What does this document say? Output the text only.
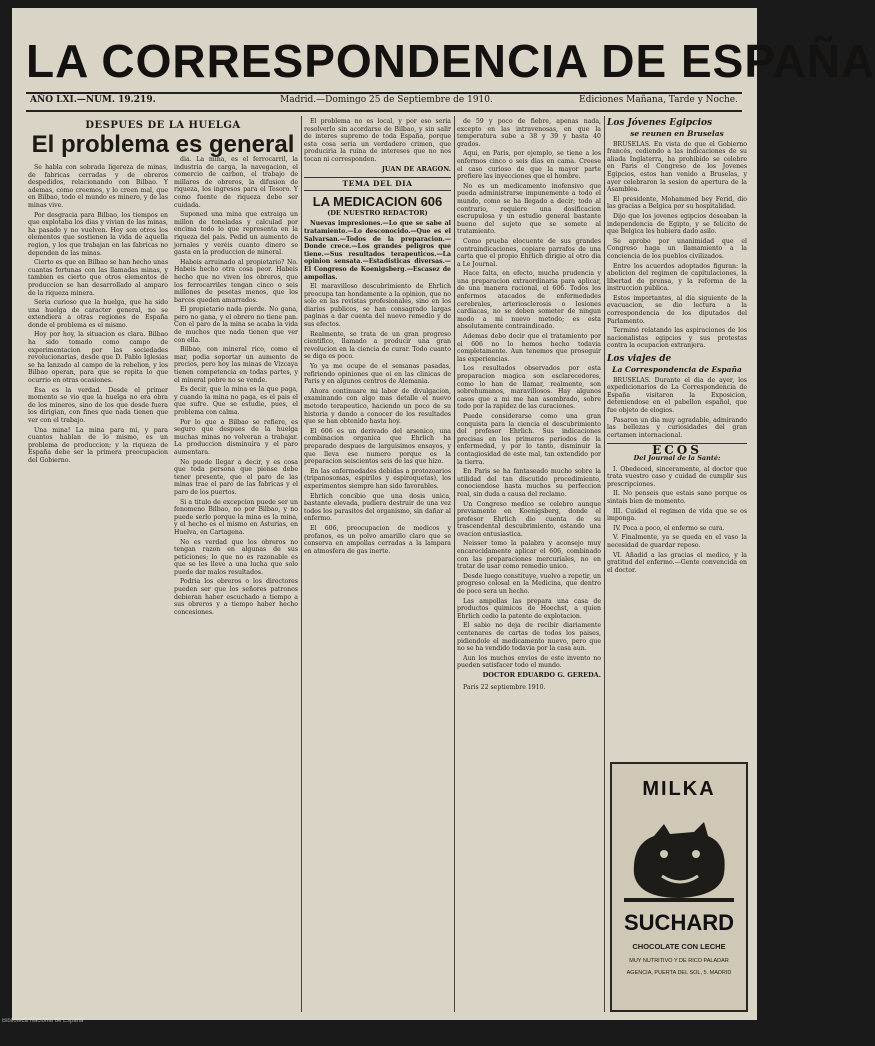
LA CORRESPONDENCIA DE ESPAÑA
AÑO LXI.—NÚM. 19.219.	Madrid.—Domingo 25 de Septiembre de 1910.	Ediciones Mañana, Tarde y Noche.
DESPUES DE LA HUELGA
El problema es general

Se habla con sobrada ligereza de minas, de fabricas cerradas y de obreros despedidos, relacionando con Bilbao. Y ademas, como creemos, y lo creen mal, que en Bilbao, todo el mundo es minero, y de las minas vive.

Por desgracia para Bilbao, los tiempos en que explotaba los dias y vivian de las minas, ha pasado y no vuelven. Hoy son otros los elementos que sostienen la vida de aquella region, y los que trabajan en las fabricas no dependen de las minas.

Cierto es que en Bilbao se han hecho unas cuantas fortunas con las llamadas minas, y tambien es cierto que otros elementos de produccion se han desarrollado al amparo de la riqueza minera.

Seria curioso que la huelga, que ha sido una huelga de caracter general, no se extendiera a otras regiones de España donde el problema es el mismo.

Hoy por hoy, la situacion es clara. Bilbao ha sido tomado como campo de experimentacion por las sociedades revolucionarias, desde que D. Pablo Iglesias se ha lanzado al campo de la rebelion, y los Bilbao operan, para que se repita lo que ocurrio en otras ocasiones.

Esa es la verdad. Desde el primer momento se vio que la huelga no era obra de los mineros, sino de los que desde fuera los dirigian, con fines que nada tienen que ver con el trabajo.

Una mina! La mina para mi, y para cuantos hablan de lo mismo, es un problema de produccion; y la riqueza de España debe ser la primera preocupacion del Gobierno.

dia. La mina, es el ferrocarril, la industria de carga, la navegacion, el comercio de carbon, el trabajo de millares de obreros, la difusion de riqueza, los ingresos para el Tesoro. Y como fuente de riqueza debe ser cuidada.

Suponed una mina que extraiga un millon de toneladas y calculad por encima todo lo que representa en la riqueza del pais. Pedid un aumento de jornales y veréis cuanto dinero se gasta en la produccion de mineral.

Habeis arruinado al propietario? No. Habeis hecho otra cosa peor. Habeis hecho que no viven los obreros, que los ferrocarriles tengan cinco o seis millones de pesetas menos, que los barcos queden amarrados.

El propietario nada pierde. No gana, pero no gana, y el obrero no tiene pan. Con el paro de la mina se acaba la vida de muchos que nada tienen que ver con ella.

Bilbao, con mineral rico, como el mar, podia soportar un aumento de precios, pero hoy las minas de Vizcaya tienen competencia en todas partes, y el mineral pobre no se vende.

Es decir, que la mina es la que paga, y cuando la mina no paga, es el pais el que sufre. Que se estudie, pues, el problema con calma.

Por lo que a Bilbao se refiere, es seguro que despues de la huelga muchas minas no volveran a trabajar. La produccion disminuira y el paro aumentara.

No puede llegar a decir, y es cosa que toda persona que piense debe tener presente, que el paro de las minas trae el paro de las fabricas y el paro de los puertos.

Si a titulo de excepcion puede ser un fenomeno Bilbao, no por Bilbao, y no puede serlo porque la mina es la mina, y el hecho es el mismo en Asturias, en Huelva, en Cartagena.

No es verdad que los obreros no tengan razon en algunas de sus peticiones; lo que no es razonable es que se les lleve a una lucha que solo puede dar malos resultados.

Podria los obreros o los directores pueden ser que los señores patronos debieran haber escuchado a tiempo a sus obreros y a tiempo haber hecho concesiones.

El problema no es local, y por eso seria resolverlo sin acordarse de Bilbao, y sin salir de interes supremo de toda España, porque esta cosa seria un verdadero crimen, que produciria la ruina de intereses que no nos tocan ni corresponden.

JUAN DE ARAGON.
TEMA DEL DIA
LA MEDICACION 606
(DE NUESTRO REDACTOR)

Nuevas impresiones.—Lo que se sabe al tratamiento.—Lo desconocido.—Que es el Salvarsan.—Todos de la preparacion.—Donde crece.—Los grandes peligros que tiene.—Sus resultados terapeuticos.—La opinion sensata.—Estadisticas diversas.—El Congreso de Koenigsberg.—Escasez de ampollas.

El maravilloso descubrimiento de Ehrlich preocupa tan hondamente a la opinion, que no solo en las revistas profesionales, sino en los diarios publicos, se han consagrado largas paginas a dar cuenta del nuevo remedio y de sus efectos.

Realmente, se trata de un gran progreso cientifico, llamado a producir una gran revolucion en la ciencia de curar. Todo cuanto se diga es poco.

Yo ya me ocupe de el semanas pasadas, refiriendo opiniones que oi en las clinicas de Paris y en algunos centros de Alemania.

Ahora continuare mi labor de divulgacion, examinando con algo mas detalle el nuevo metodo terapeutico, haciendo un poco de su historia y dando a conocer de los resultados que se han obtenido hasta hoy.

El 606 es un derivado del arsenico, una combinacion organica que Ehrlich ha preparado despues de larguisimos ensayos, y que lleva ese numero porque es la preparacion seiscientos seis de las que hizo.

En las enfermedades debidas a protozoarios (tripanosomas, espirilos y espiroquetas), los experimentos siempre han sido favorables.

Ehrlich concibio que una dosis unica, bastante elevada, pudiera destruir de una vez todos los parasitos del organismo, sin dañar al enfermo.

El 606, preocupacion de medicos y profanos, es un polvo amarillo claro que se conserva en ampollas cerradas a la lampara en atmosfera de gas inerte.

de 59 y poco de fiebre, apenas nada, excepto en las intravenosas, en que la temperatura sube a 38 y 39 y hasta 40 grados.

Aqui, en Paris, por ejemplo, se tiene a los enfermos cinco o seis dias en cama. Creese el caso curioso de que la mayor parte prefiere las inyecciones que el hombre.

No es un medicamento inofensivo que pueda administrarse impunemente a todo el mundo, como se ha llegado a decir; todo al contrario, requiere una dosificacion escrupulosa y un estudio general bastante bueno del sujeto que se somete al tratamiento.

Como prueba elocuente de sus grandes contraindicaciones, copiare parrafos de una carta que el propio Ehrlich dirigio al otro dia a Le Journal.

Hace falta, en efecto, mucha prudencia y una preparacion extraordinaria para aplicar, de una manera racional, el 606. Todos los enfermos atacados de enfermedades cerebrales, arteriosclerosis o lesiones cardiacas, no se deben someter de ningun modo a mi nuevo metodo; es esta absolutamente contraindicado.

Ademas debo decir que el tratamiento por el 606 no lo hemos hecho todavia completamente. Aun tenemos que proseguir las experiencias.

Los resultados observados por esta preparacion magica son esclarecedores, como lo han de llamar, realmente, son sobrehumanos, maravillosos. Hay algunos casos que a mi me han asombrado, sobre todo por la rapidez de las curaciones.

Puede considerarse como una gran conquista para la ciencia el descubrimiento del profesor Ehrlich. Sus indicaciones precisas en los primeros periodos de la enfermedad, y por lo tanto, disminuir la contagiosidad de este mal, tan extendido por la tierra.

En Paris se ha fantaseado mucho sobre la utilidad del tan discutido procedimiento, conociendose hasta muchos su perfeccion real, sin duda a causa del reclamo.

Un Congreso medico se celebro aunque previamente en Koenigsberg, donde el profesor Ehrlich dio cuenta de su trascendental descubrimiento, estando una ovacion entusiastica.

Neisser tomo la palabra y aconsejo muy encarecidamente aplicar el 606, combinado con las preparaciones mercuriales, no en tratar de usar como remedio unico.

Desde luego constituye, vuelvo a repetir, un progreso colosal en la Medicina, que dentro de poco sera un hecho.

Las ampollas las prepara una casa de productos quimicos de Hoechst, a quien Ehrlich cedio la patente de explotacion.

El sabio no deja de recibir diariamente centenares de cartas de todos los paises, pidiendole el medicamento nuevo, pero que no se ha vendido todavia por la casa aun.

Aun los muchos envios de este invento no pueden satisfacer todo el mundo.

DOCTOR EDUARDO G. GEREDA.

Paris 22 septiembre 1910.

Los Jóvenes Egipcios
se reunen en Bruselas

BRUSELAS. En vista de que el Gobierno francés, cediendo a las indicaciones de su aliada Inglaterra, ha prohibido se celebre en Paris el Congreso de los Jovenes Egipcios, estos han venido a Bruselas, y ayer celebraron la sesion de apertura de la Asamblea.

El presidente, Mohammed bey Ferid, dio las gracias a Belgica por su hospitalidad.

Dijo que los jovenes egipcios deseaban la independencia de Egipto, y se felicito de que Belgica les hubiera dado asilo.

Se aprobo por unanimidad que el Congreso haga un llamamiento a la conciencia de los pueblos civilizados.

Entre los acuerdos adoptados figuran: la abolicion del regimen de capitulaciones, la libertad de prensa, y la reforma de la instruccion publica.

Estos importantes, al dia siguiente de la evacuacion, se dio lectura a la correspondencia de los diputados del Parlamento.

Terminó relatando las aspiraciones de los nacionalistas egipcios y sus protestas contra la ocupacion extranjera.

Los viajes de
La Correspondencia de España

BRUSELAS. Durante el dia de ayer, los expedicionarios de La Correspondencia de España visitaron la Exposicion, deteniendose en el pabellon español, que fue objeto de elogios.

Pasaron un dia muy agradable, admirando las bellezas y curiosidades del gran certamen internacional.

ECOS
Del Journal de la Santé:

I. Obedeced, sinceramente, al doctor que trata vuestro caso y cuidad de cumplir sus prescripciones.

II. No penseis que estais sano porque os sintais bien de momento.

III. Cuidad el regimen de vida que se os imponga.

IV. Poca a poco, el enfermo se cura.

V. Finalmente, ya se queda en el vaso la necesidad de guardar reposo.

VI. Añadid a las gracias el medico, y la gratitud del enfermo.—Gente convencida en el doctor.

MILKA
SUCHARD
CHOCOLATE CON LECHE
MUY NUTRITIVO Y DE RICO PALADAR
AGENCIA, PUERTA DEL SOL, 5. MADRID
Biblioteca Nacional de España
